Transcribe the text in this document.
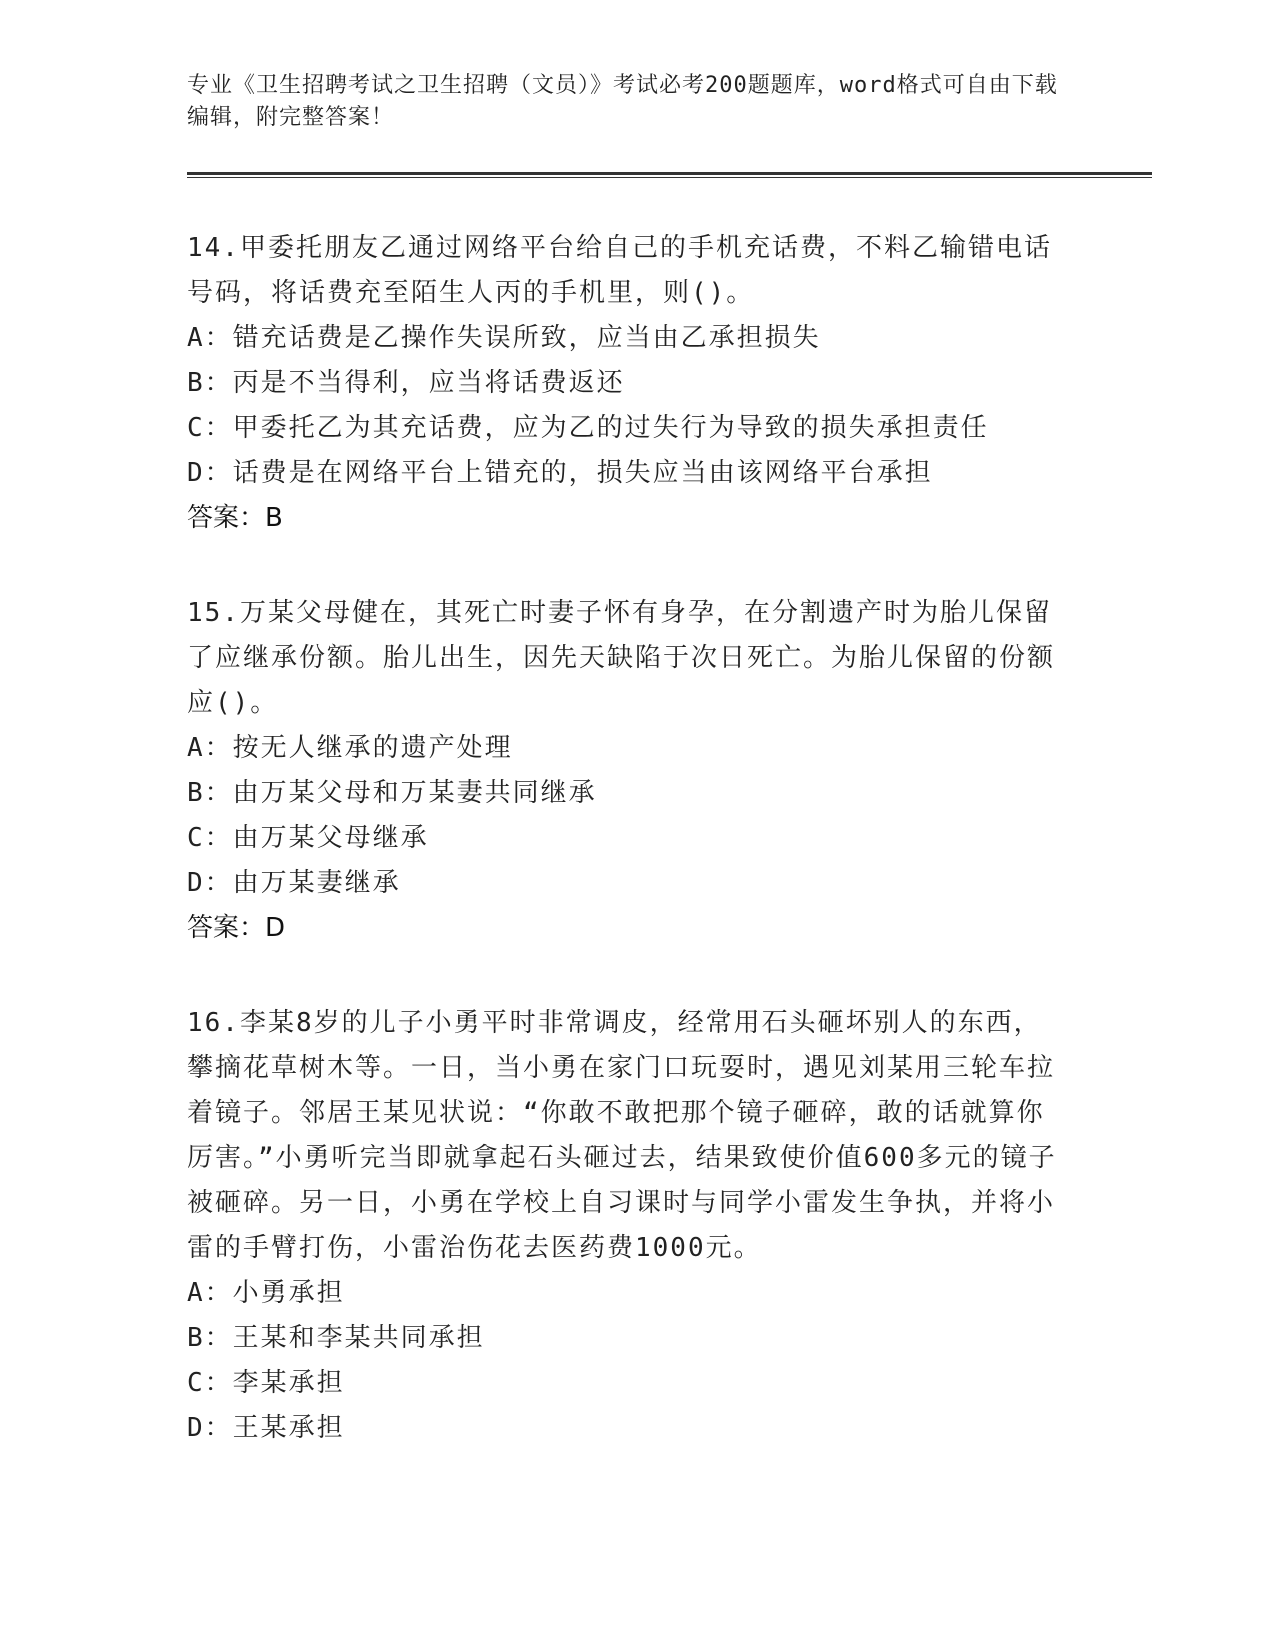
专业《卫生招聘考试之卫生招聘（文员）》考试必考200题题库，word格式可自由下载编辑，附完整答案！

14.甲委托朋友乙通过网络平台给自己的手机充话费，不料乙输错电话号码，将话费充至陌生人丙的手机里，则()。

A：错充话费是乙操作失误所致，应当由乙承担损失

B：丙是不当得利，应当将话费返还

C：甲委托乙为其充话费，应为乙的过失行为导致的损失承担责任

D：话费是在网络平台上错充的，损失应当由该网络平台承担

答案：B

15.万某父母健在，其死亡时妻子怀有身孕，在分割遗产时为胎儿保留了应继承份额。胎儿出生，因先天缺陷于次日死亡。为胎儿保留的份额应()。

A：按无人继承的遗产处理

B：由万某父母和万某妻共同继承

C：由万某父母继承

D：由万某妻继承

答案：D

16.李某8岁的儿子小勇平时非常调皮，经常用石头砸坏别人的东西，攀摘花草树木等。一日，当小勇在家门口玩耍时，遇见刘某用三轮车拉着镜子。邻居王某见状说：“你敢不敢把那个镜子砸碎，敢的话就算你厉害。”小勇听完当即就拿起石头砸过去，结果致使价值600多元的镜子被砸碎。另一日，小勇在学校上自习课时与同学小雷发生争执，并将小雷的手臂打伤，小雷治伤花去医药费1000元。

A：小勇承担

B：王某和李某共同承担

C：李某承担

D：王某承担
